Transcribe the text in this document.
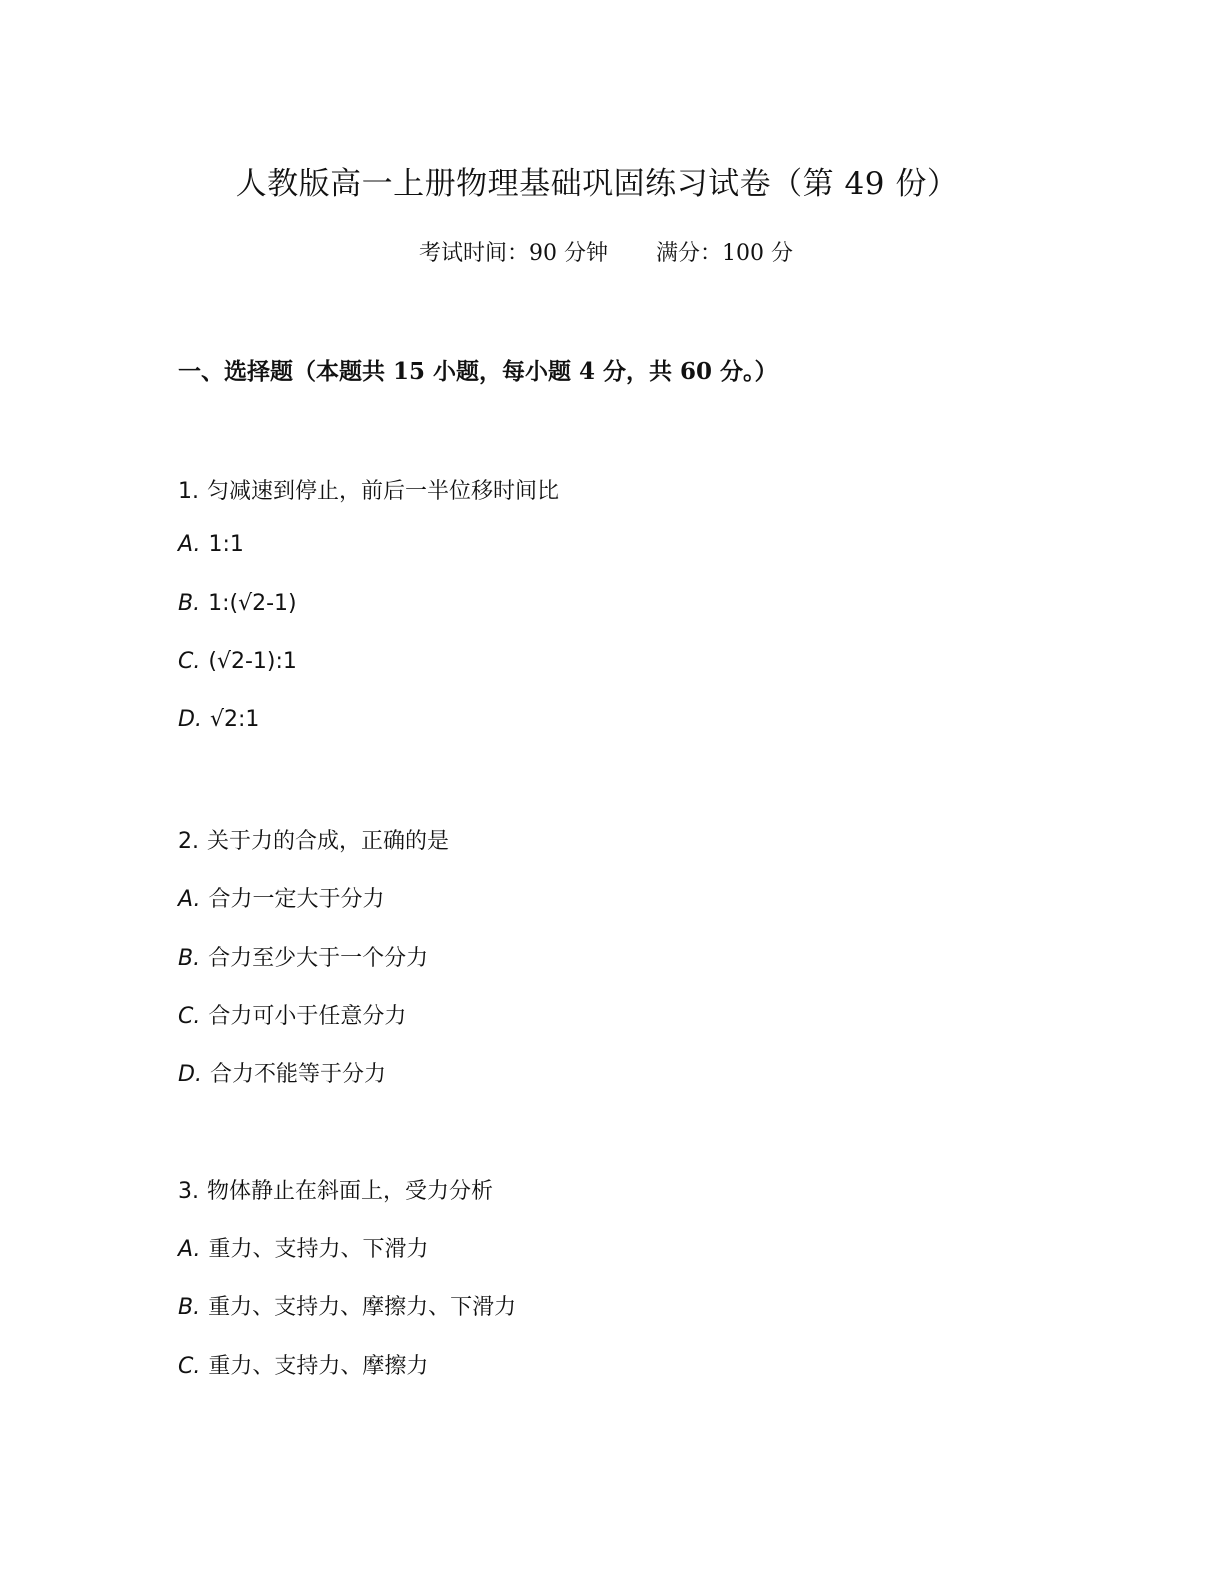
人教版高一上册物理基础巩固练习试卷（第 49 份）
考试时间：90 分钟 满分：100 分
一、选择题（本题共 15 小题，每小题 4 分，共 60 分。）
1. 匀减速到停止，前后一半位移时间比
A. 1:1
B. 1:(√2-1)
C. (√2-1):1
D. √2:1
2. 关于力的合成，正确的是
A. 合力一定大于分力
B. 合力至少大于一个分力
C. 合力可小于任意分力
D. 合力不能等于分力
3. 物体静止在斜面上，受力分析
A. 重力、支持力、下滑力
B. 重力、支持力、摩擦力、下滑力
C. 重力、支持力、摩擦力
